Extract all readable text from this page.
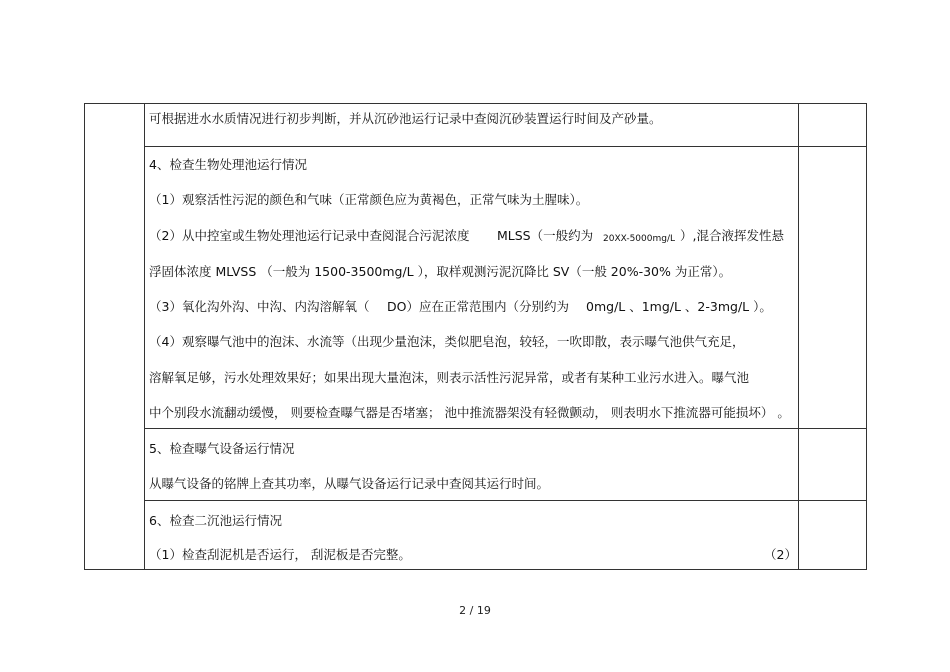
可根据进水水质情况进行初步判断，并从沉砂池运行记录中查阅沉砂装置运行时间及产砂量。
4、检查生物处理池运行情况
（1）观察活性污泥的颜色和气味（正常颜色应为黄褐色，正常气味为土腥味）。
（2）从中控室或生物处理池运行记录中查阅混合污泥浓度 MLSS（一般约为 20XX-5000mg/L ）,混合液挥发性悬
浮固体浓度 MLVSS （一般为 1500-3500mg/L ），取样观测污泥沉降比 SV（一般 20%-30% 为正常）。
（3）氧化沟外沟、中沟、内沟溶解氧（ DO）应在正常范围内（分别约为 0mg/L 、1mg/L 、2-3mg/L ）。
（4）观察曝气池中的泡沫、水流等（出现少量泡沫，类似肥皂泡，较轻，一吹即散，表示曝气池供气充足，
溶解氧足够，污水处理效果好；如果出现大量泡沫，则表示活性污泥异常，或者有某种工业污水进入。曝气池
中个别段水流翻动缓慢， 则要检查曝气器是否堵塞； 池中推流器架没有轻微颤动， 则表明水下推流器可能损坏） 。
5、检查曝气设备运行情况
从曝气设备的铭牌上查其功率，从曝气设备运行记录中查阅其运行时间。
6、检查二沉池运行情况
（1）检查刮泥机是否运行， 刮泥板是否完整。	（2）
2 / 19
